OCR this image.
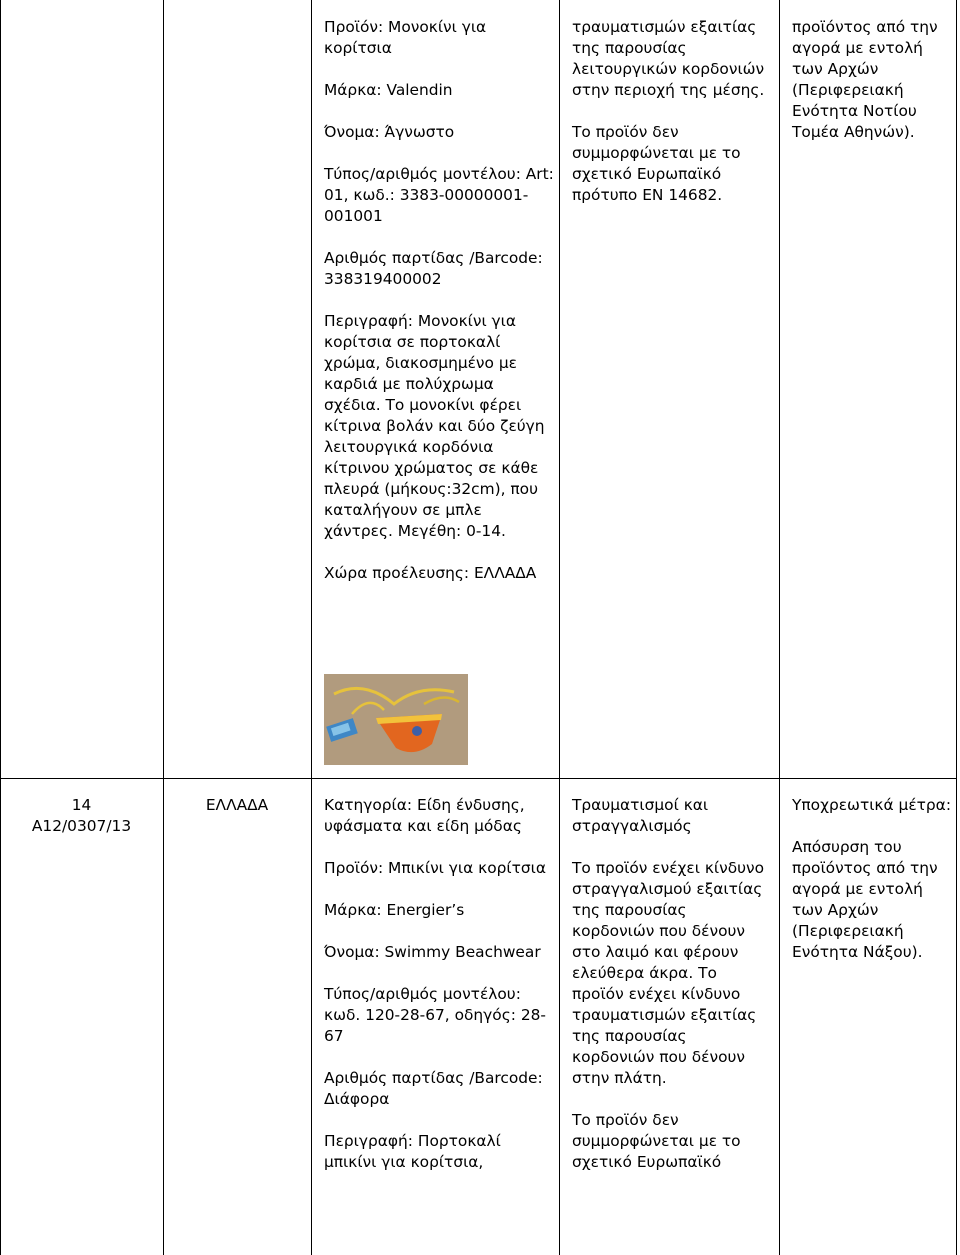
Προϊόν: Μονοκίνι για κορίτσια

Μάρκα: Valendin

Όνομα: Άγνωστο

Τύπος/αριθμός μοντέλου: Art: 01, κωδ.: 3383-00000001-001001

Αριθμός παρτίδας /Barcode: 338319400002

Περιγραφή: Μονοκίνι για κορίτσια σε πορτοκαλί χρώμα, διακοσμημένο με καρδιά με πολύχρωμα σχέδια. Το μονοκίνι φέρει κίτρινα βολάν και δύο ζεύγη λειτουργικά κορδόνια κίτρινου χρώματος σε κάθε πλευρά (μήκους:32cm), που καταλήγουν σε μπλε χάντρες. Μεγέθη: 0-14.

Χώρα προέλευσης: ΕΛΛΑΔΑ

τραυματισμών εξαιτίας της παρουσίας λειτουργικών κορδονιών στην περιοχή της μέσης.

Το προϊόν δεν συμμορφώνεται με το σχετικό Ευρωπαϊκό πρότυπο EN 14682.

προϊόντος από την αγορά με εντολή των Αρχών (Περιφερειακή Ενότητα Νοτίου Τομέα Αθηνών).

14
A12/0307/13
ΕΛΛΑΔΑ	Κατηγορία: Είδη ένδυσης, υφάσματα και είδη μόδας

Προϊόν: Μπικίνι για κορίτσια

Μάρκα: Energier’s

Όνομα: Swimmy Beachwear

Τύπος/αριθμός μοντέλου: κωδ. 120-28-67, οδηγός: 28-67

Αριθμός παρτίδας /Barcode: Διάφορα

Περιγραφή: Πορτοκαλί μπικίνι για κορίτσια,

Τραυματισμοί και στραγγαλισμός

Το προϊόν ενέχει κίνδυνο στραγγαλισμού εξαιτίας της παρουσίας κορδονιών που δένουν στο λαιμό και φέρουν ελεύθερα άκρα. Το προϊόν ενέχει κίνδυνο τραυματισμών εξαιτίας της παρουσίας κορδονιών που δένουν στην πλάτη.

Το προϊόν δεν συμμορφώνεται με το σχετικό Ευρωπαϊκό

Υποχρεωτικά μέτρα:

Απόσυρση του προϊόντος από την αγορά με εντολή των Αρχών (Περιφερειακή Ενότητα Νάξου).
